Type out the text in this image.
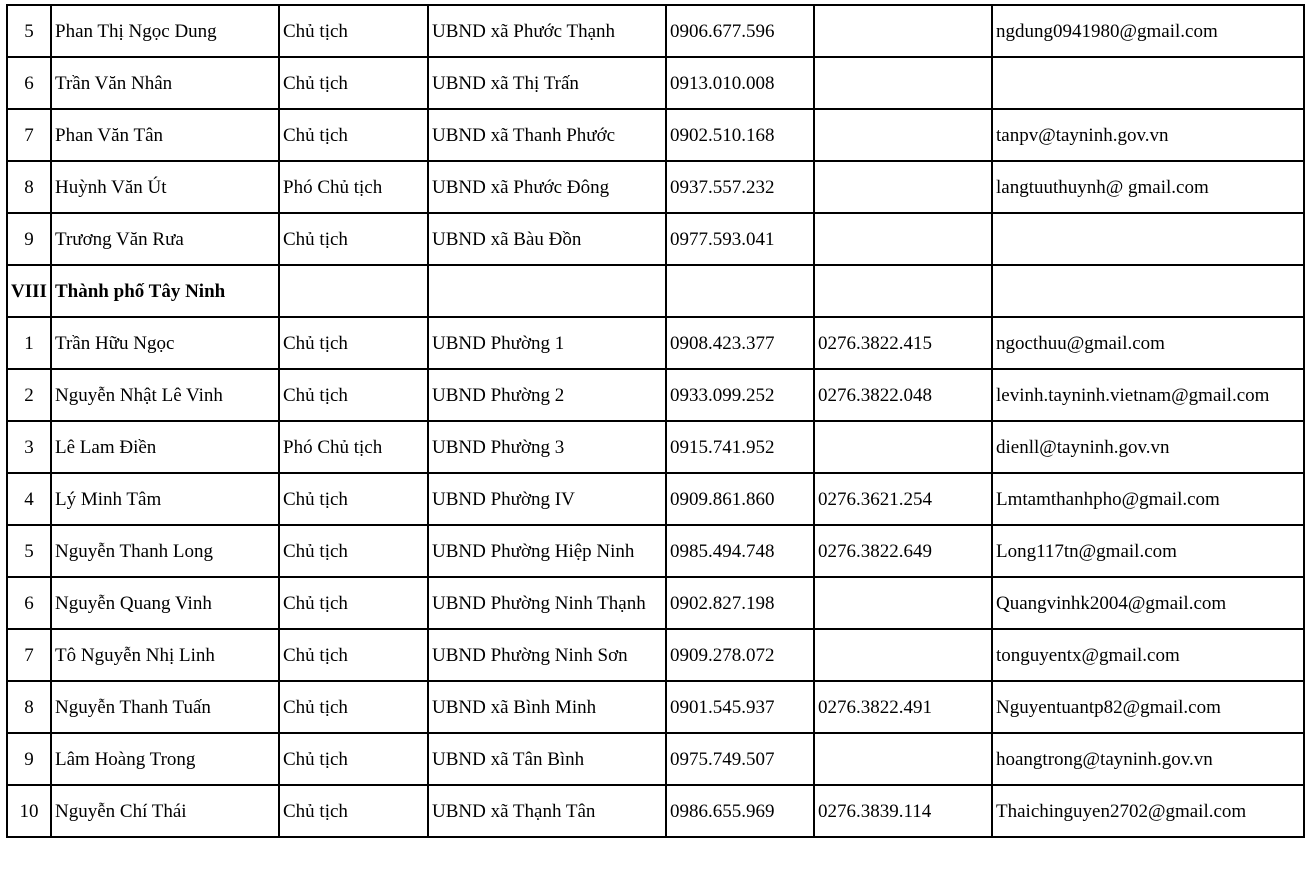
5	Phan Thị Ngọc Dung	Chủ tịch	UBND xã Phước Thạnh	0906.677.596		ngdung0941980@gmail.com
6	Trần Văn Nhân	Chủ tịch	UBND xã Thị Trấn	0913.010.008		
7	Phan Văn Tân	Chủ tịch	UBND xã Thanh Phước	0902.510.168		tanpv@tayninh.gov.vn
8	Huỳnh Văn Út	Phó Chủ tịch	UBND xã Phước Đông	0937.557.232		langtuuthuynh@ gmail.com
9	Trương Văn Rưa	Chủ tịch	UBND xã Bàu Đồn	0977.593.041		
VIII	Thành phố Tây Ninh					
1	Trần Hữu Ngọc	Chủ tịch	UBND Phường 1	0908.423.377	0276.3822.415	ngocthuu@gmail.com
2	Nguyễn Nhật Lê Vinh	Chủ tịch	UBND Phường 2	0933.099.252	0276.3822.048	levinh.tayninh.vietnam@gmail.com
3	Lê Lam Điền	Phó Chủ tịch	UBND Phường 3	0915.741.952		dienll@tayninh.gov.vn
4	Lý Minh Tâm	Chủ tịch	UBND Phường IV	0909.861.860	0276.3621.254	Lmtamthanhpho@gmail.com
5	Nguyễn Thanh Long	Chủ tịch	UBND Phường Hiệp Ninh	0985.494.748	0276.3822.649	Long117tn@gmail.com
6	Nguyễn Quang Vinh	Chủ tịch	UBND Phường Ninh Thạnh	0902.827.198		Quangvinhk2004@gmail.com
7	Tô Nguyễn Nhị Linh	Chủ tịch	UBND Phường Ninh Sơn	0909.278.072		tonguyentx@gmail.com
8	Nguyễn Thanh Tuấn	Chủ tịch	UBND xã Bình Minh	0901.545.937	0276.3822.491	Nguyentuantp82@gmail.com
9	Lâm Hoàng Trong	Chủ tịch	UBND xã Tân Bình	0975.749.507		hoangtrong@tayninh.gov.vn
10	Nguyễn Chí Thái	Chủ tịch	UBND xã Thạnh Tân	0986.655.969	0276.3839.114	Thaichinguyen2702@gmail.com
